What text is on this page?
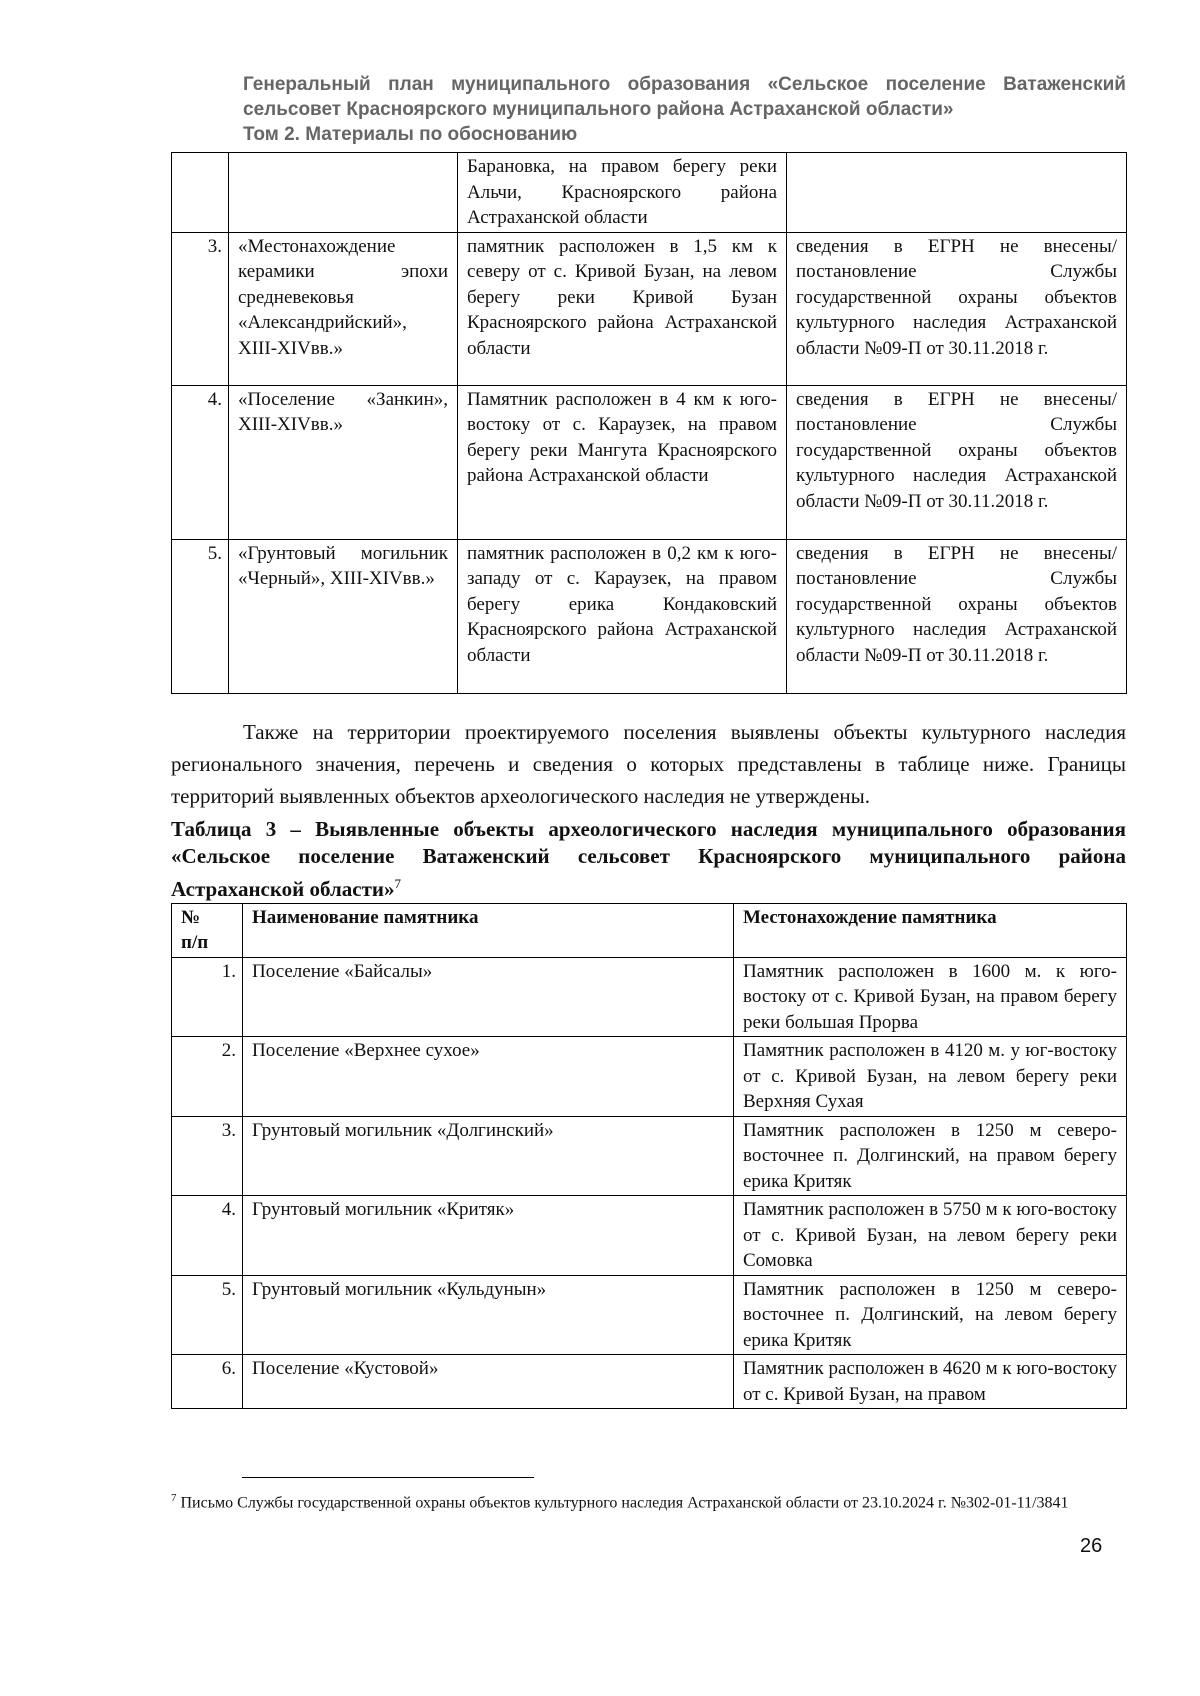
Генеральный план муниципального образования «Сельское поселение Ватаженский сельсовет Красноярского муниципального района Астраханской области»
Том 2. Материалы по обоснованию
		Барановка, на правом берегу реки Альчи, Красноярского района Астраханской области	
3.	«Местонахождение керамики эпохи средневековья «Александрийский», XIII-XIVвв.»	памятник расположен в 1,5 км к северу от с. Кривой Бузан, на левом берегу реки Кривой Бузан Красноярского района Астраханской области	сведения в ЕГРН не внесены/постановление Службы государственной охраны объектов культурного наследия Астраханской области №09-П от 30.11.2018 г.
4.	«Поселение «Занкин», XIII-XIVвв.»	Памятник расположен в 4 км к юго-востоку от с. Караузек, на правом берегу реки Мангута Красноярского района Астраханской области	сведения в ЕГРН не внесены/постановление Службы государственной охраны объектов культурного наследия Астраханской области №09-П от 30.11.2018 г.
5.	«Грунтовый могильник «Черный», XIII-XIVвв.»	памятник расположен в 0,2 км к юго-западу от с. Караузек, на правом берегу ерика Кондаковский Красноярского района Астраханской области	сведения в ЕГРН не внесены/постановление Службы государственной охраны объектов культурного наследия Астраханской области №09-П от 30.11.2018 г.
Также на территории проектируемого поселения выявлены объекты культурного наследия регионального значения, перечень и сведения о которых представлены в таблице ниже. Границы территорий выявленных объектов археологического наследия не утверждены.
Таблица 3 – Выявленные объекты археологического наследия муниципального образования «Сельское поселение Ватаженский сельсовет Красноярского муниципального района Астраханской области»$^7$
№ п/п	Наименование памятника	Местонахождение памятника
1.	Поселение «Байсалы»	Памятник расположен в 1600 м. к юго-востоку от с. Кривой Бузан, на правом берегу реки большая Прорва
2.	Поселение «Верхнее сухое»	Памятник расположен в 4120 м. у юг-востоку от с. Кривой Бузан, на левом берегу реки Верхняя Сухая
3.	Грунтовый могильник «Долгинский»	Памятник расположен в 1250 м северо-восточнее п. Долгинский, на правом берегу ерика Критяк
4.	Грунтовый могильник «Критяк»	Памятник расположен в 5750 м к юго-востоку от с. Кривой Бузан, на левом берегу реки Сомовка
5.	Грунтовый могильник «Кульдунын»	Памятник расположен в 1250 м северо-восточнее п. Долгинский, на левом берегу ерика Критяк
6.	Поселение «Кустовой»	Памятник расположен в 4620 м к юго-востоку от с. Кривой Бузан, на правом
$^7$ Письмо Службы государственной охраны объектов культурного наследия Астраханской области от 23.10.2024 г. №302-01-11/3841
26
